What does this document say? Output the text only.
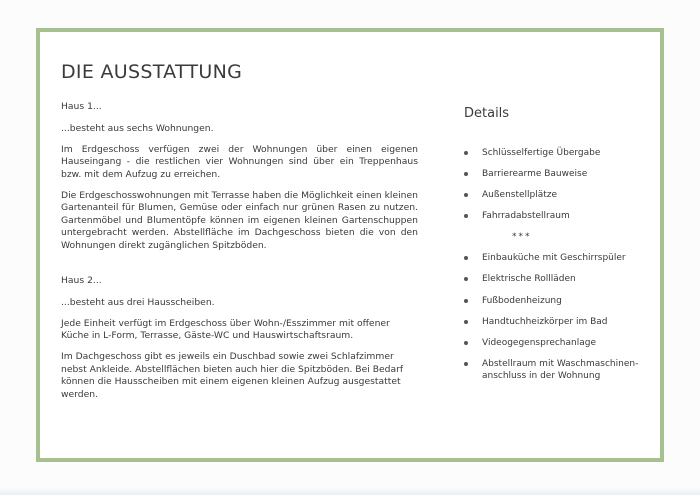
DIE AUSSTATTUNG

Haus 1...

...besteht aus sechs Wohnungen.

Im Erdgeschoss verfügen zwei der Wohnungen über einen eigenen Hauseingang - die restlichen vier Wohnungen sind über ein Treppenhaus bzw. mit dem Aufzug zu erreichen.

Die Erdgeschosswohnungen mit Terrasse haben die Möglichkeit einen kleinen Gartenanteil für Blumen, Gemüse oder einfach nur grünen Rasen zu nutzen. Gartenmöbel und Blumentöpfe können im eigenen kleinen Gartenschuppen untergebracht werden. Abstellfläche im Dachgeschoss bieten die von den Wohnungen direkt zugänglichen Spitzböden.

Haus 2...

...besteht aus drei Hausscheiben.

Jede Einheit verfügt im Erdgeschoss über Wohn-/Esszimmer mit offener Küche in L-Form, Terrasse, Gäste-WC und Hauswirtschaftsraum.

Im Dachgeschoss gibt es jeweils ein Duschbad sowie zwei Schlafzimmer nebst Ankleide. Abstellflächen bieten auch hier die Spitzböden. Bei Bedarf können die Hausscheiben mit einem eigenen kleinen Aufzug ausgestattet werden.

Details
Schlüsselfertige Übergabe
Barrierearme Bauweise
Außenstellplätze
Fahrradabstellraum
***
Einbauküche mit Geschirrspüler
Elektrische Rollläden
Fußbodenheizung
Handtuchheizkörper im Bad
Videogegensprechanlage
Abstellraum mit Waschmaschinen-anschluss in der Wohnung
